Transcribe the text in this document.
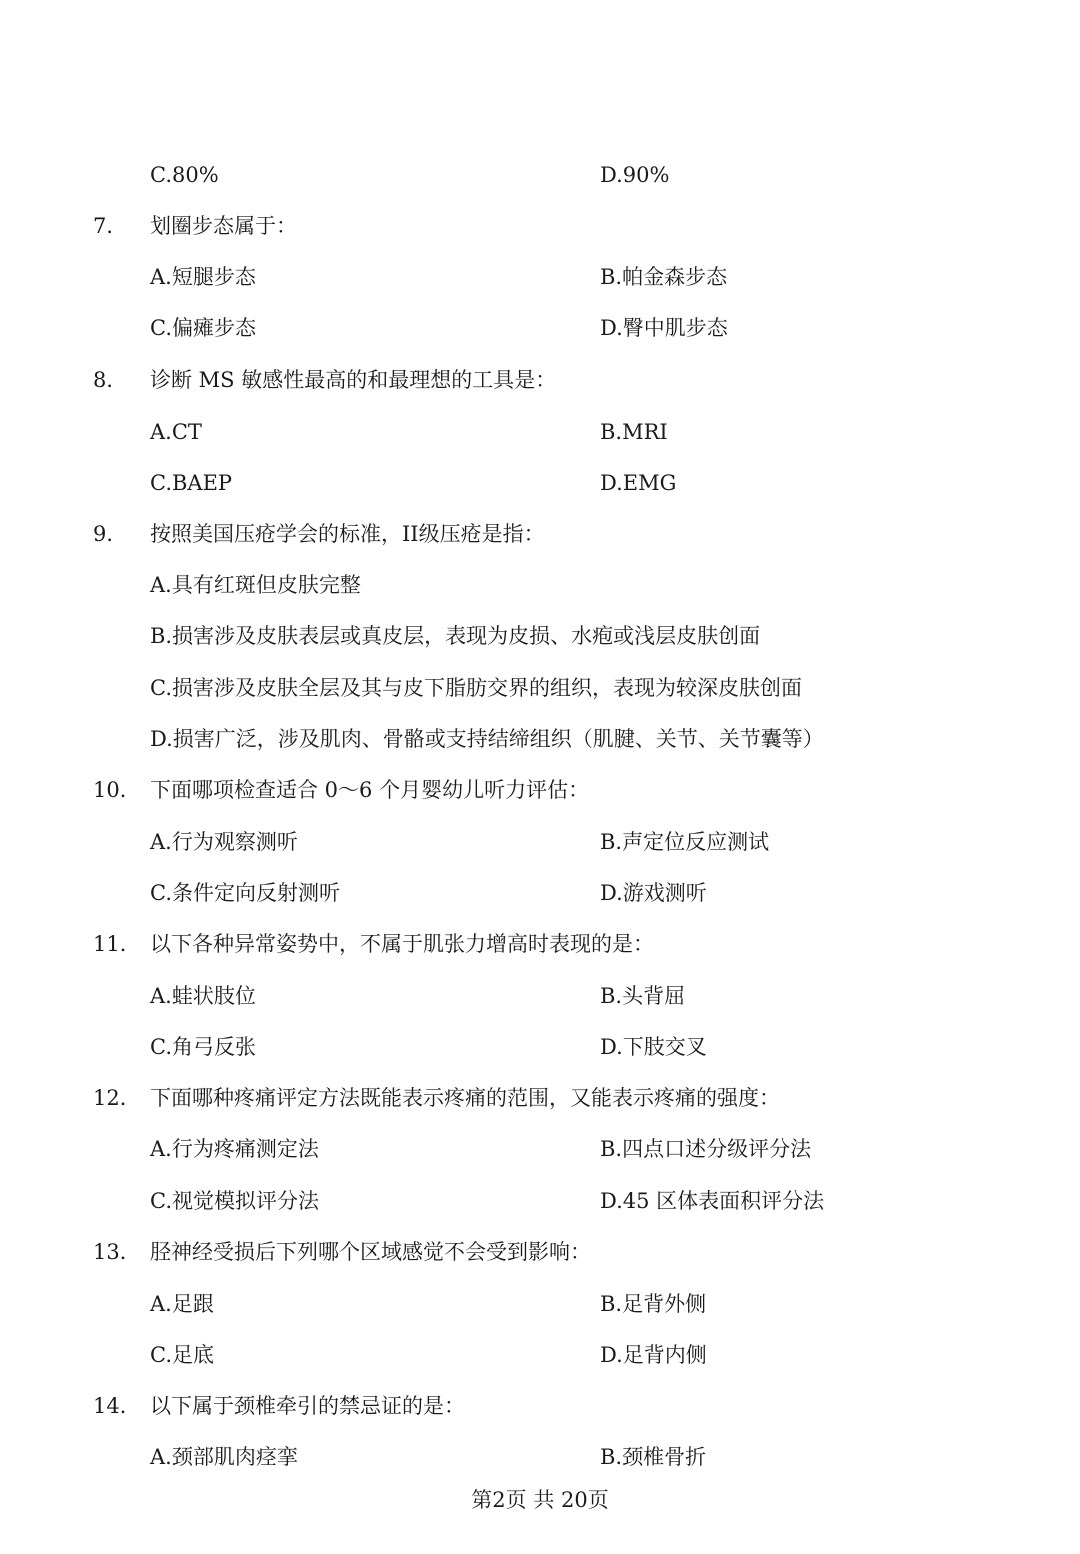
C.80%	D.90%
7． 划圈步态属于：
A.短腿步态	B.帕金森步态
C.偏瘫步态	D.臀中肌步态
8． 诊断 MS 敏感性最高的和最理想的工具是：
A.CT	B.MRI
C.BAEP	D.EMG
9． 按照美国压疮学会的标准，II级压疮是指：
A.具有红斑但皮肤完整
B.损害涉及皮肤表层或真皮层，表现为皮损、水疱或浅层皮肤创面
C.损害涉及皮肤全层及其与皮下脂肪交界的组织，表现为较深皮肤创面
D.损害广泛，涉及肌肉、骨骼或支持结缔组织（肌腱、关节、关节囊等）
10． 下面哪项检查适合 0～6 个月婴幼儿听力评估：
A.行为观察测听	B.声定位反应测试
C.条件定向反射测听	D.游戏测听
11． 以下各种异常姿势中，不属于肌张力增高时表现的是：
A.蛙状肢位	B.头背屈
C.角弓反张	D.下肢交叉
12． 下面哪种疼痛评定方法既能表示疼痛的范围，又能表示疼痛的强度：
A.行为疼痛测定法	B.四点口述分级评分法
C.视觉模拟评分法	D.45 区体表面积评分法
13． 胫神经受损后下列哪个区域感觉不会受到影响：
A.足跟	B.足背外侧
C.足底	D.足背内侧
14． 以下属于颈椎牵引的禁忌证的是：
A.颈部肌肉痉挛	B.颈椎骨折
第2页 共 20页
